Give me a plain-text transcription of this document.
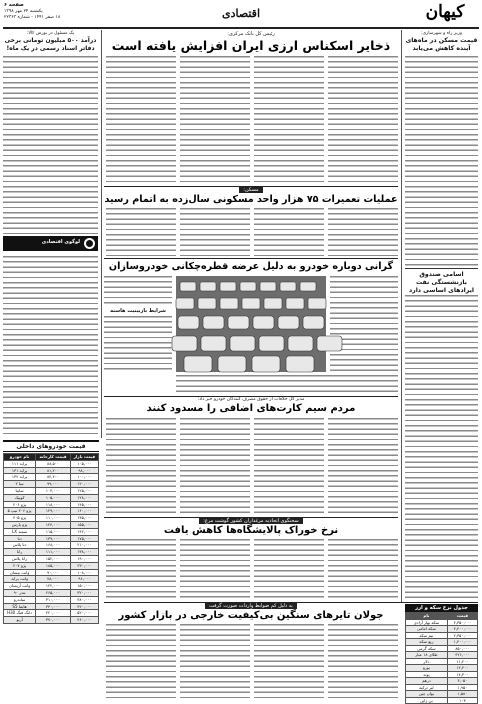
صفحه ۶
یکشنبه ۲۴ مهر ۱۳۹۸
۱۸ صفر ۱۴۴۱ - شماره ۲۲۳۶۳	اقتصادی	کیهان
وزیر راه و شهرسازی:
قیمت مسکن در ماه‌های آینده کاهش می‌یابد
اسامی صندوق بازنشستگی نفت ایرادهای اساسی دارد
یک مسئول در بورس کالا:
درآمد ۵۰۰ میلیون تومانی برخی دفاتر اسناد رسمی در یک ماه!
لوگوی اقتصادی
رئیس کل بانک مرکزی:
ذخایر اسکناس ارزی ایران افزایش یافته است
مسکن:
عملیات تعمیرات ۷۵ هزار واحد مسکونی سال‌زده به اتمام رسید
گرانی دوباره خودرو به دلیل عرضه قطره‌چکانی خودروسازان
شرایط بازبینیت هاسته
مدیر کل خلافات از حقوق مصرف کنندگان خودرو خبر داد:
مردم سیم کارت‌های اضافی را مسدود کنند
سخنگوی اتحادیه مرغداران کشور گوشت مرغ:
نرخ خوراک پالایشگاه‌ها کاهش یافت
به دلیل کم ضوابط واردات صورت گرفت
جولان تایرهای سنگین بی‌کیفیت خارجی در بازار کشور
قیمت خودروهای داخلی
قیمت بازار	قیمت کارخانه	نام خودرو
۱۰۵,۰۰۰	۸۸,۵۰۰	پراید ۱۱۱
۹۸,۰۰۰	۸۱,۲۰۰	پراید ۱۳۱
۱۰۰,۰۰۰	۸۴,۴۰۰	پراید ۱۳۲
۱۲۰,۰۰۰	۹۹,۰۰۰	تیبا ۲
۱۲۵,۰۰۰	۱۰۳,۰۰۰	ساینا
۱۲۸,۰۰۰	۱۰۵,۰۰۰	کوییک
۱۴۵,۰۰۰	۱۱۸,۰۰۰	پژو ۲۰۶
۱۶۰,۰۰۰	۱۲۹,۰۰۰	پژو ۲۰۶ تیپ ۵
۱۳۵,۰۰۰	۱۱۰,۰۰۰	پژو ۴۰۵
۱۵۵,۰۰۰	۱۲۴,۰۰۰	پژو پارس
۱۴۲,۰۰۰	۱۱۵,۰۰۰	سمند LX
۱۷۵,۰۰۰	۱۳۹,۰۰۰	دنا
۲۱۰,۰۰۰	۱۶۸,۰۰۰	دنا پلاس
۱۳۸,۰۰۰	۱۱۱,۰۰۰	رانا
۱۹۰,۰۰۰	۱۵۲,۰۰۰	رانا پلاس
۲۳۰,۰۰۰	۱۸۵,۰۰۰	پژو ۲۰۷
۱۰۸,۰۰۰	۹۰,۰۰۰	وانت نیسان
۹۶,۰۰۰	۷۸,۰۰۰	وانت پراید
۱۵۰,۰۰۰	۱۲۲,۰۰۰	وانت آریسان
۳۲۰,۰۰۰	۲۶۵,۰۰۰	تندر ۹۰
۳۸۰,۰۰۰	۳۱۰,۰۰۰	ساندرو
۴۲۰,۰۰۰	۳۴۰,۰۰۰	هایما S5
۵۲۰,۰۰۰	۴۲۰,۰۰۰	دانگ فنگ H30
۴۶۰,۰۰۰	۳۷۰,۰۰۰	آریو
جدول نرخ سکه و ارز
قیمت	نام
۴,۳۵۰,۰۰۰	سکه بهار آزادی
۴,۴۰۰,۰۰۰	سکه امامی
۲,۳۵۰,۰۰۰	نیم سکه
۱,۴۰۰,۰۰۰	ربع سکه
۸۵۰,۰۰۰	سکه گرمی
۴۲۶,۰۰۰	طلای ۱۸ عیار
۱۱,۲۰۰	دلار
۱۲,۴۰۰	یورو
۱۴,۳۰۰	پوند
۳,۰۵۰	درهم
۱,۹۵۰	لیر ترکیه
۱,۵۸۰	یوان چین
۱۰۳	ین ژاپن
